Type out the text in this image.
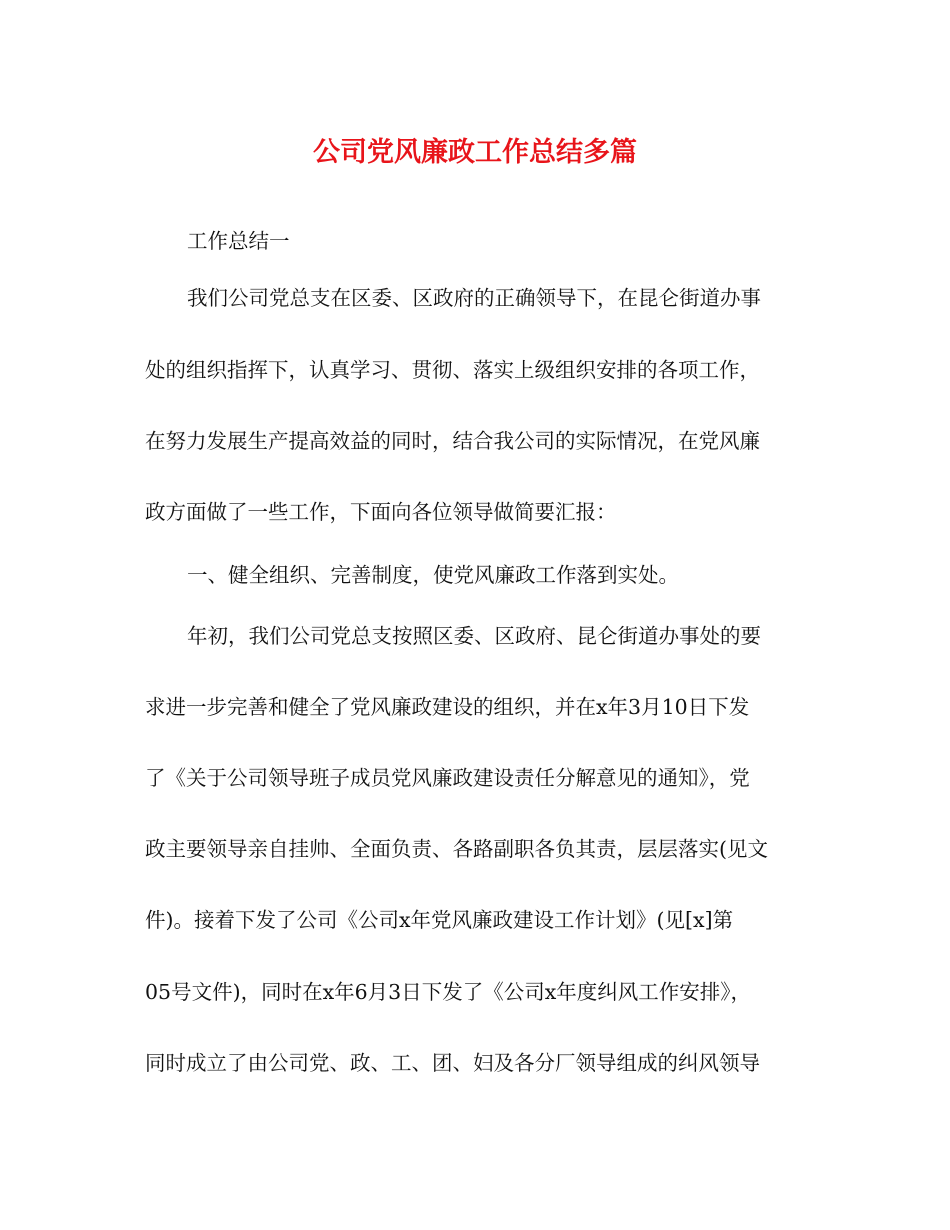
公司党风廉政工作总结多篇

工作总结一

我们公司党总支在区委、区政府的正确领导下，在昆仑街道办事

处的组织指挥下，认真学习、贯彻、落实上级组织安排的各项工作，

在努力发展生产提高效益的同时，结合我公司的实际情况，在党风廉

政方面做了一些工作，下面向各位领导做简要汇报：

一、健全组织、完善制度，使党风廉政工作落到实处。

年初，我们公司党总支按照区委、区政府、昆仑街道办事处的要

求进一步完善和健全了党风廉政建设的组织，并在x年3月10日下发

了《关于公司领导班子成员党风廉政建设责任分解意见的通知》，党

政主要领导亲自挂帅、全面负责、各路副职各负其责，层层落实(见文

件)。接着下发了公司《公司x年党风廉政建设工作计划》(见[x]第

05号文件)，同时在x年6月3日下发了《公司x年度纠风工作安排》，

同时成立了由公司党、政、工、团、妇及各分厂领导组成的纠风领导
